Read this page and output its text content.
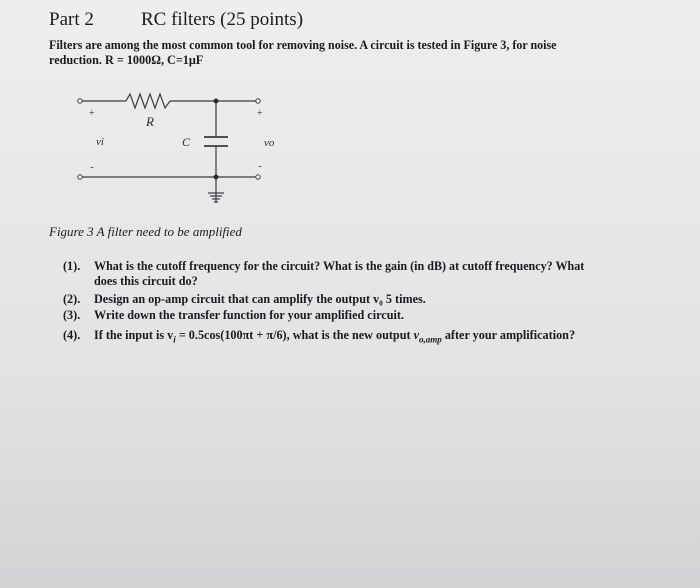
Part 2 RC filters (25 points)
Filters are among the most common tool for removing noise. A circuit is tested in Figure 3, for noise
reduction. R = 1000Ω, C=1μF
+	+
R
C
vi	vo
-	-
Figure 3 A filter need to be amplified
(1). What is the cutoff frequency for the circuit? What is the gain (in dB) at cutoff frequency? What
does this circuit do?
(2). Design an op-amp circuit that can amplify the output v₀ 5 times.
(3). Write down the transfer function for your amplified circuit.
(4). If the input is $v_i = 0.5\cos(100\pi t + \pi/6)$, what is the new output $v_{o,amp}$ after your amplification?
